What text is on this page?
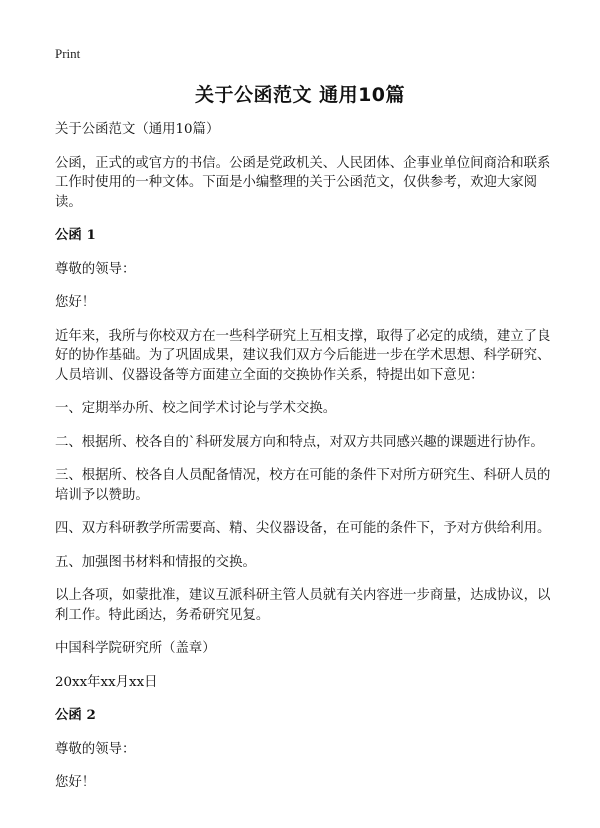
Print
关于公函范文 通用10篇

关于公函范文（通用10篇）

公函，正式的或官方的书信。公函是党政机关、人民团体、企事业单位间商洽和联系工作时使用的一种文体。下面是小编整理的关于公函范文，仅供参考，欢迎大家阅读。

公函 1

尊敬的领导：

您好！

近年来，我所与你校双方在一些科学研究上互相支撑，取得了必定的成绩，建立了良好的协作基础。为了巩固成果，建议我们双方今后能进一步在学术思想、科学研究、人员培训、仪器设备等方面建立全面的交换协作关系，特提出如下意见：

一、定期举办所、校之间学术讨论与学术交换。

二、根据所、校各自的`科研发展方向和特点，对双方共同感兴趣的课题进行协作。

三、根据所、校各自人员配备情况，校方在可能的条件下对所方研究生、科研人员的培训予以赞助。

四、双方科研教学所需要高、精、尖仪器设备，在可能的条件下，予对方供给利用。

五、加强图书材料和情报的交换。

以上各项，如蒙批准，建议互派科研主管人员就有关内容进一步商量，达成协议，以利工作。特此函达，务希研究见复。

中国科学院研究所（盖章）

20xx年xx月xx日

公函 2

尊敬的领导：

您好！
